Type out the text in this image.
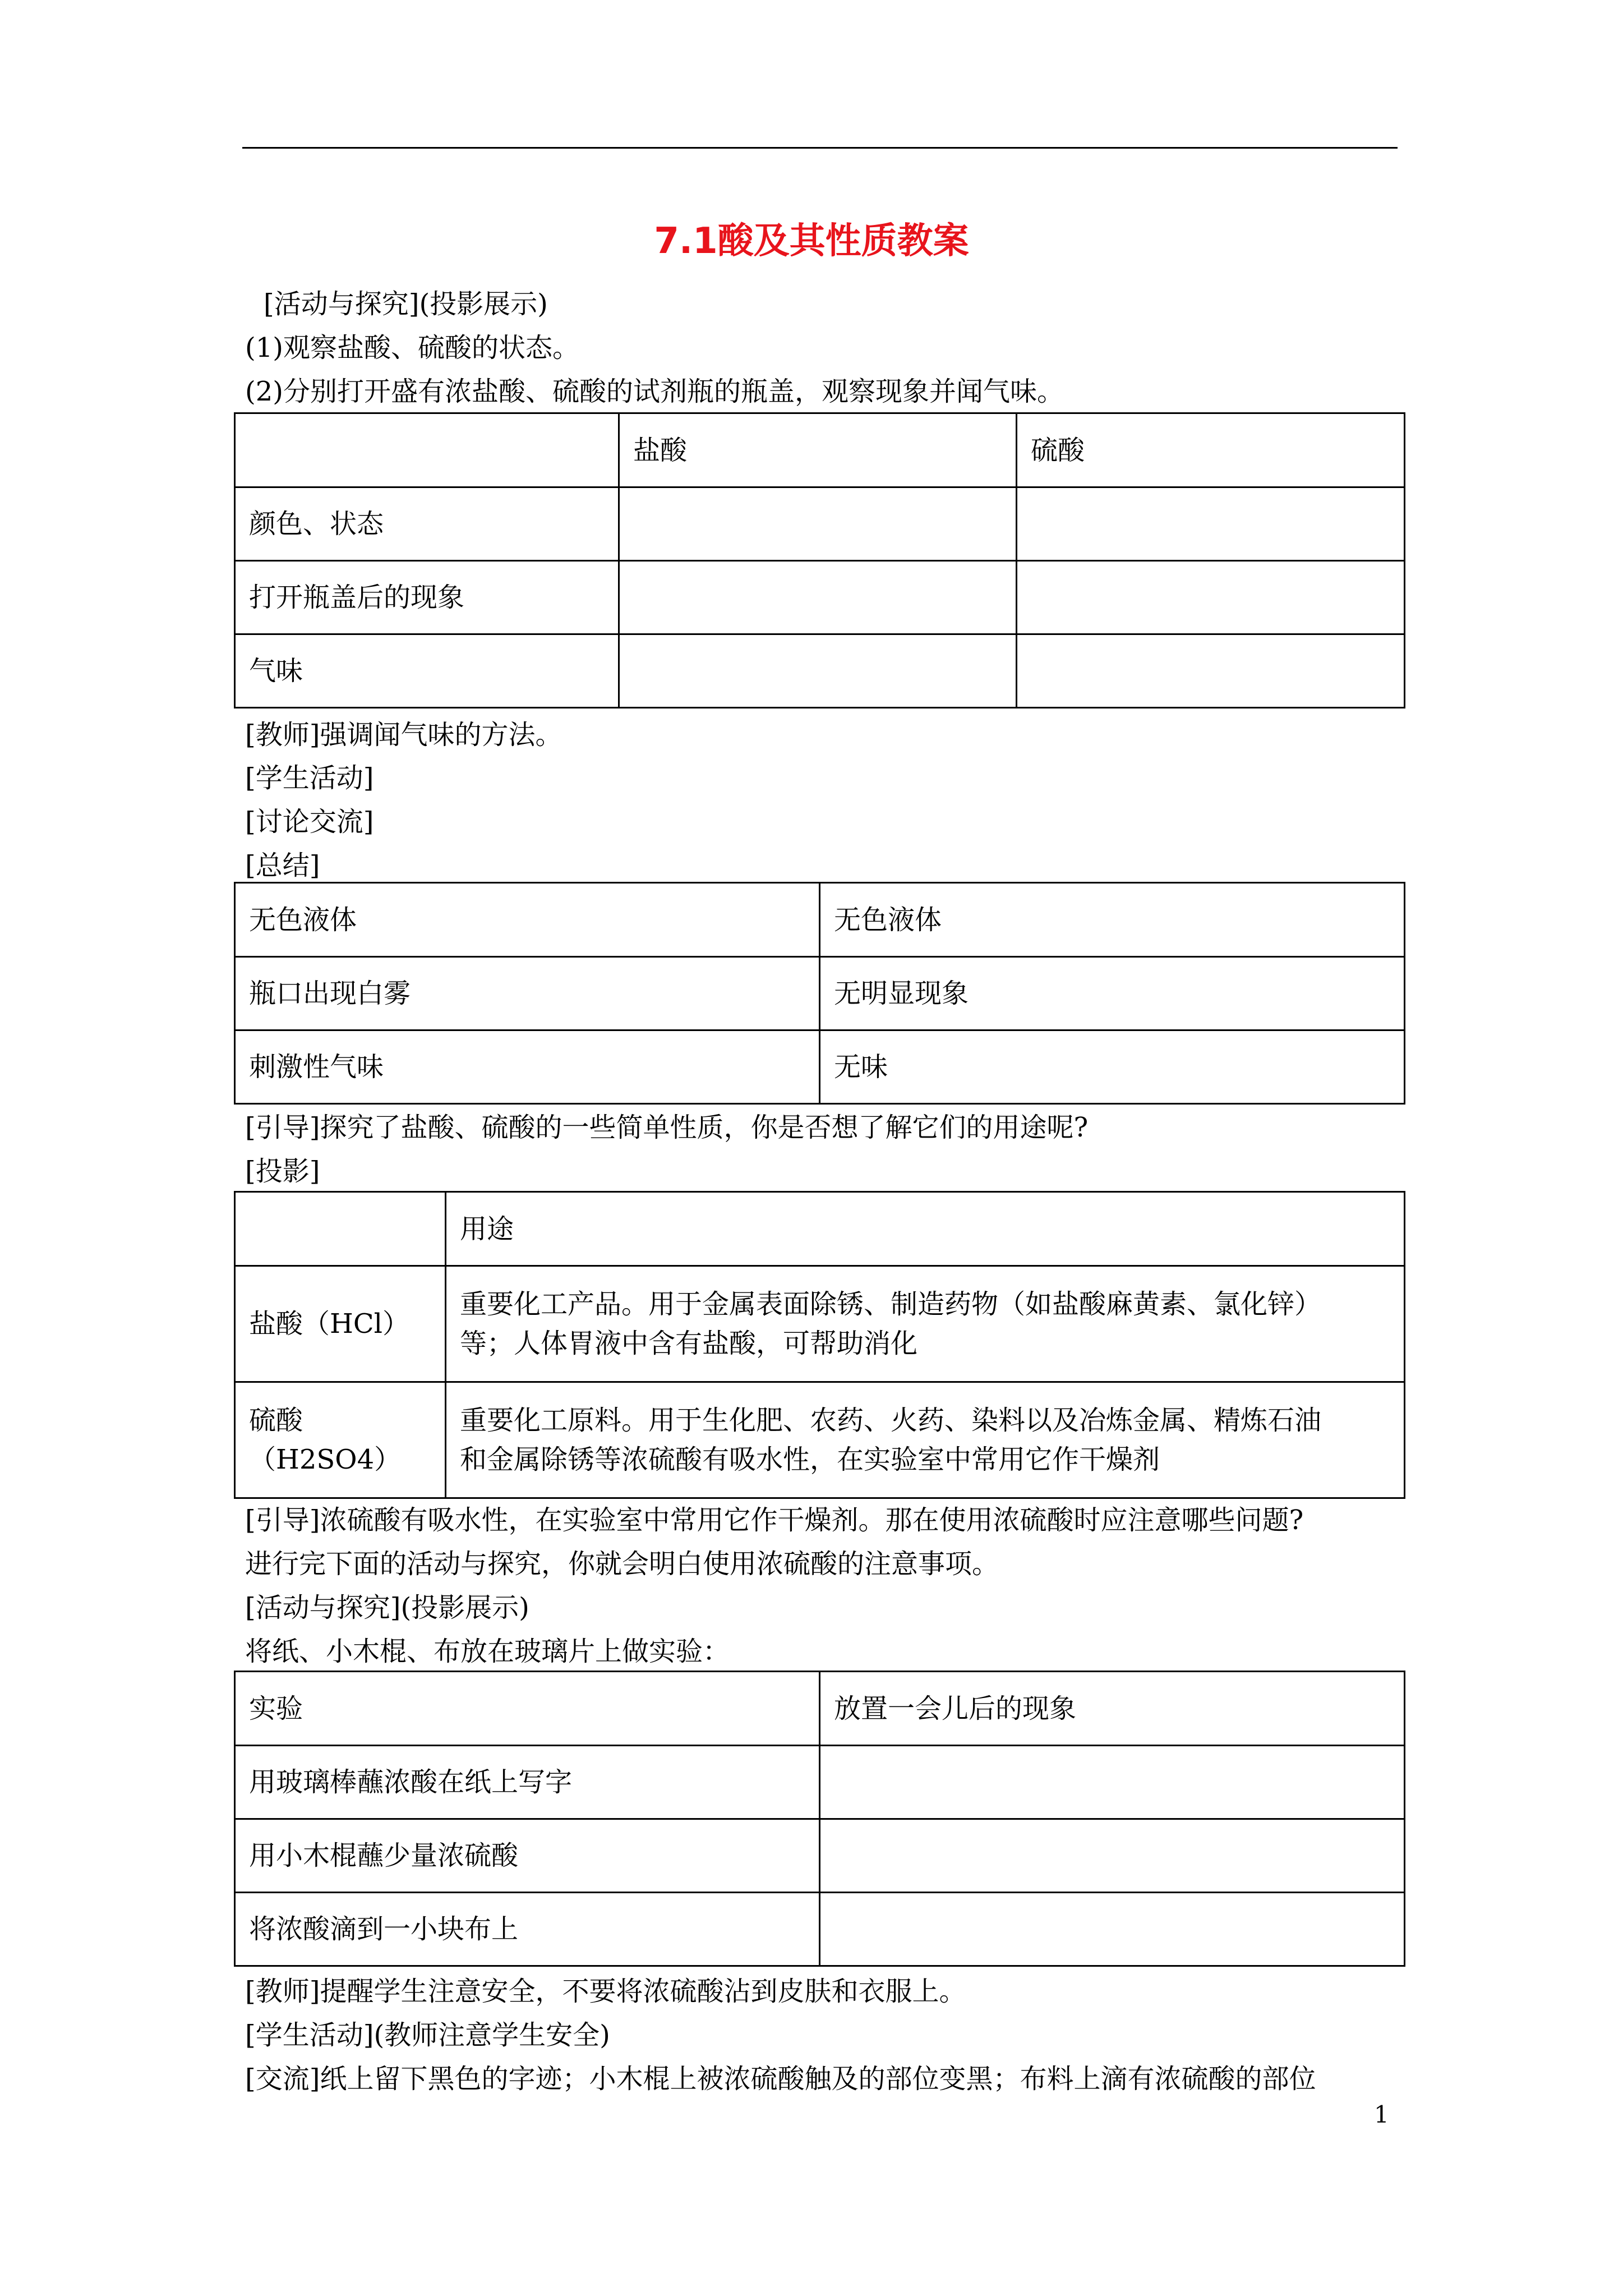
7.1酸及其性质教案
[活动与探究](投影展示)
(1)观察盐酸、硫酸的状态。
(2)分别打开盛有浓盐酸、硫酸的试剂瓶的瓶盖，观察现象并闻气味。
	盐酸	硫酸
颜色、状态		
打开瓶盖后的现象		
气味		
[教师]强调闻气味的方法。
[学生活动]
[讨论交流]
[总结]
无色液体	无色液体
瓶口出现白雾	无明显现象
刺激性气味	无味
[引导]探究了盐酸、硫酸的一些简单性质，你是否想了解它们的用途呢?
[投影]
	用途
盐酸（HCl）	重要化工产品。用于金属表面除锈、制造药物（如盐酸麻黄素、氯化锌）
等；人体胃液中含有盐酸，可帮助消化

硫酸（H2SO4）	重要化工原料。用于生化肥、农药、火药、染料以及冶炼金属、精炼石油
和金属除锈等浓硫酸有吸水性，在实验室中常用它作干燥剂
[引导]浓硫酸有吸水性，在实验室中常用它作干燥剂。那在使用浓硫酸时应注意哪些问题?
进行完下面的活动与探究，你就会明白使用浓硫酸的注意事项。
[活动与探究](投影展示)
将纸、小木棍、布放在玻璃片上做实验：
实验	放置一会儿后的现象
用玻璃棒蘸浓酸在纸上写字	
用小木棍蘸少量浓硫酸	
将浓酸滴到一小块布上	
[教师]提醒学生注意安全，不要将浓硫酸沾到皮肤和衣服上。
[学生活动](教师注意学生安全)
[交流]纸上留下黑色的字迹；小木棍上被浓硫酸触及的部位变黑；布料上滴有浓硫酸的部位
1
